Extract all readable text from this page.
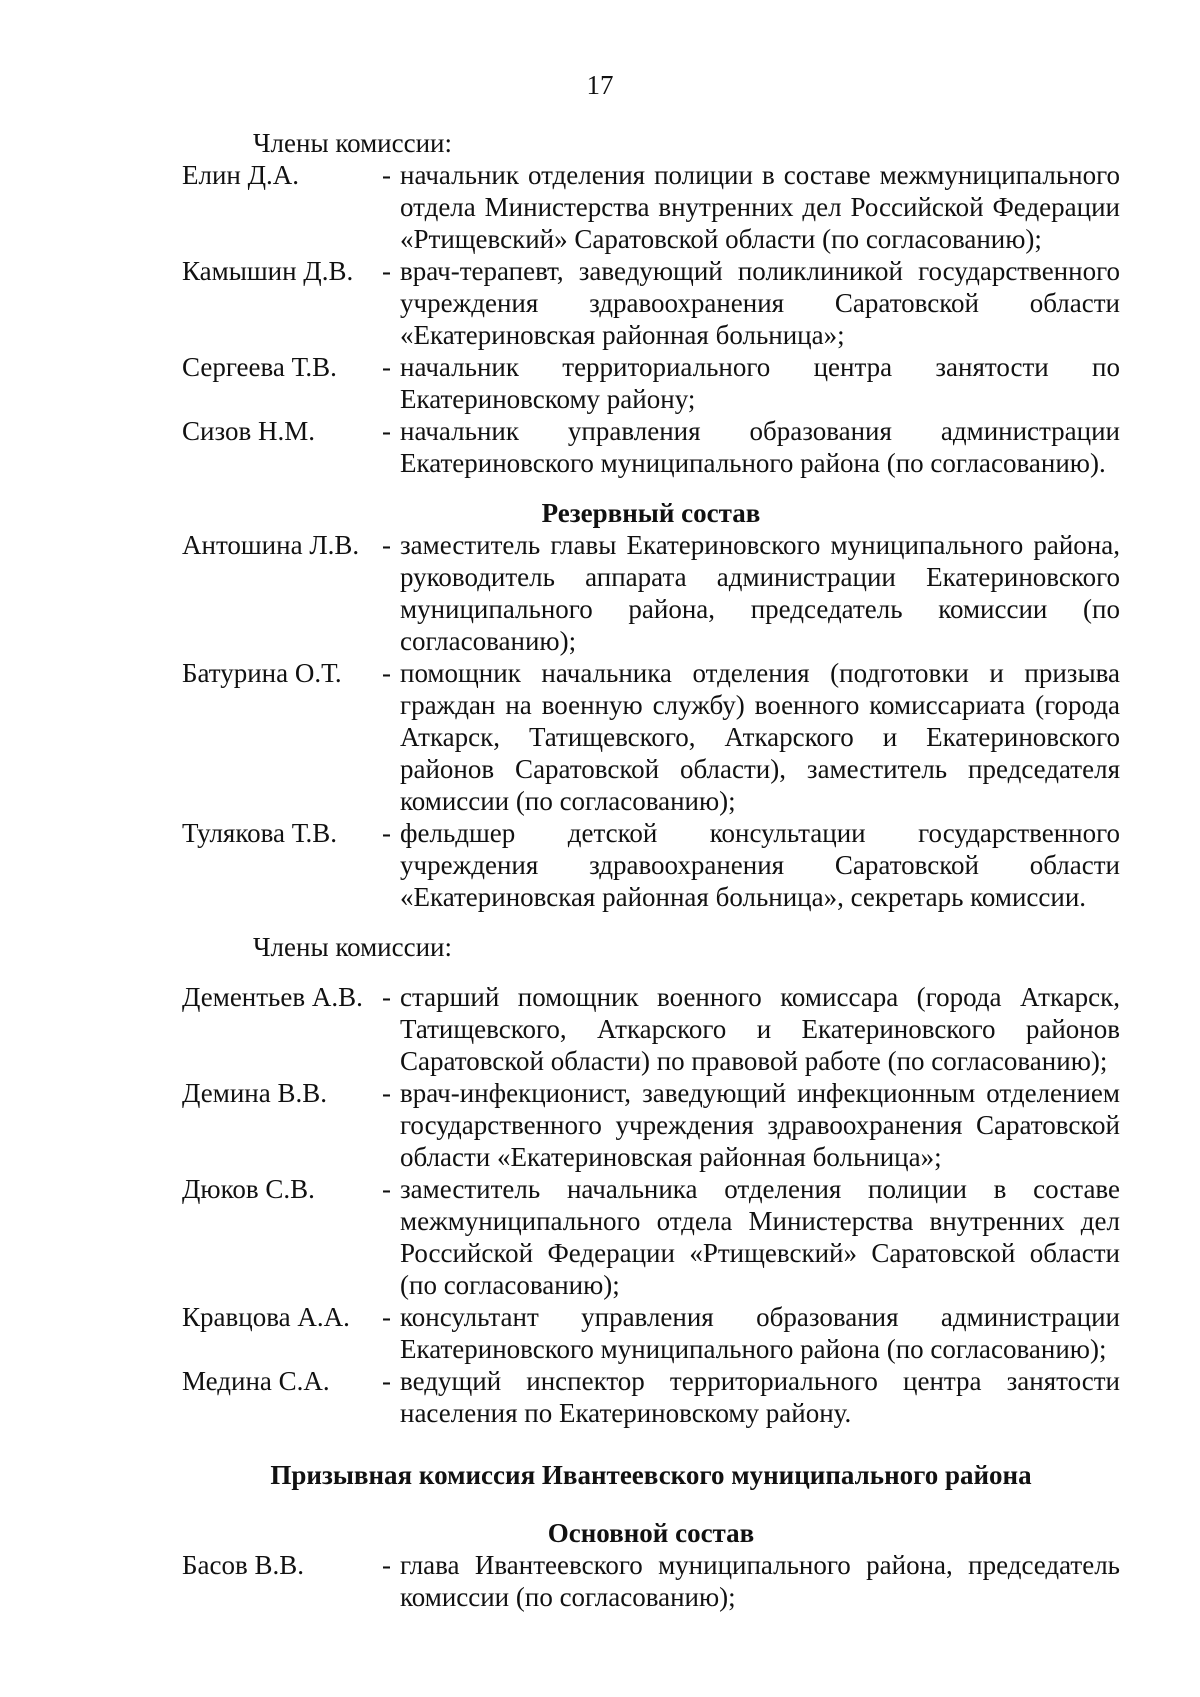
17
Члены комиссии:
Елин Д.А.	- начальник отделения полиции в составе межмуниципального отдела Министерства внутренних дел Российской Федерации «Ртищевский» Саратовской области (по согласованию);
Камышин Д.В.	- врач-терапевт, заведующий поликлиникой государственного учреждения здравоохранения Саратовской области «Екатериновская районная больница»;
Сергеева Т.В.	- начальник территориального центра занятости по Екатериновскому району;
Сизов Н.М.	- начальник управления образования администрации Екатериновского муниципального района (по согласованию).
Резервный состав
Антошина Л.В. - заместитель главы Екатериновского муниципального района, руководитель аппарата администрации Екатериновского муниципального района, председатель комиссии (по согласованию);
Батурина О.Т.	- помощник начальника отделения (подготовки и призыва граждан на военную службу) военного комиссариата (города Аткарск, Татищевского, Аткарского и Екатериновского районов Саратовской области), заместитель председателя комиссии (по согласованию);
Тулякова Т.В.	- фельдшер детской консультации государственного учреждения здравоохранения Саратовской области «Екатериновская районная больница», секретарь комиссии.
Члены комиссии:
Дементьев А.В. - старший помощник военного комиссара (города Аткарск, Татищевского, Аткарского и Екатериновского районов Саратовской области) по правовой работе (по согласованию);
Демина В.В.	- врач-инфекционист, заведующий инфекционным отделением государственного учреждения здравоохранения Саратовской области «Екатериновская районная больница»;
Дюков С.В.	- заместитель начальника отделения полиции в составе межмуниципального отдела Министерства внутренних дел Российской Федерации «Ртищевский» Саратовской области (по согласованию);
Кравцова А.А.	- консультант управления образования администрации Екатериновского муниципального района (по согласованию);
Медина С.А.	- ведущий инспектор территориального центра занятости населения по Екатериновскому району.
Призывная комиссия Ивантеевского муниципального района
Основной состав
Басов В.В.	- глава Ивантеевского муниципального района, председатель комиссии (по согласованию);
